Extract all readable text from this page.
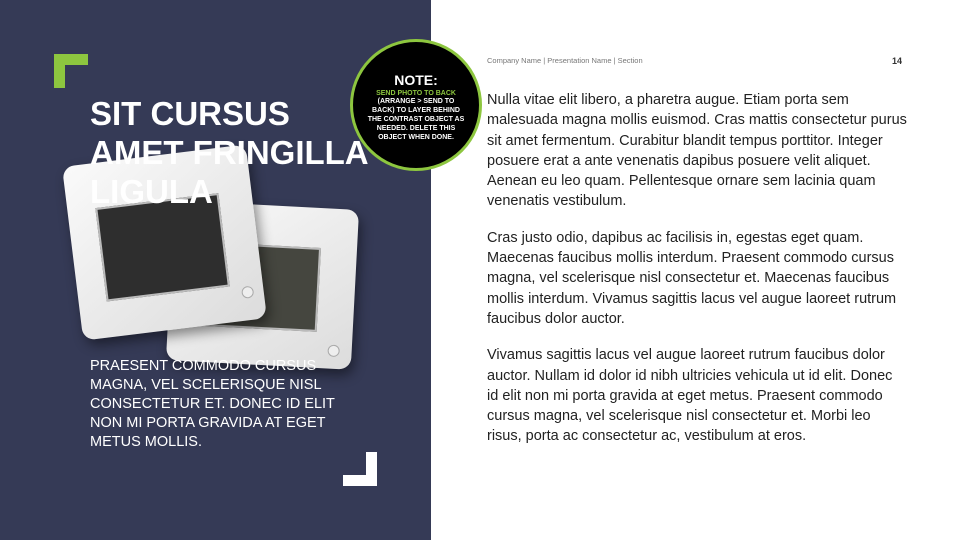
SIT CURSUS AMET FRINGILLA LIGULA
PRAESENT COMMODO CURSUS MAGNA, VEL SCELERISQUE NISL CONSECTETUR ET. DONEC ID ELIT NON MI PORTA GRAVIDA AT EGET METUS MOLLIS.
NOTE:
SEND PHOTO TO BACK
(ARRANGE > SEND TO BACK) TO LAYER BEHIND THE CONTRAST OBJECT AS NEEDED. DELETE THIS OBJECT WHEN DONE.
Company Name | Presentation Name | Section	14

Nulla vitae elit libero, a pharetra augue. Etiam porta sem malesuada magna mollis euismod. Cras mattis consectetur purus sit amet fermentum. Curabitur blandit tempus porttitor. Integer posuere erat a ante venenatis dapibus posuere velit aliquet. Aenean eu leo quam. Pellentesque ornare sem lacinia quam venenatis vestibulum.

Cras justo odio, dapibus ac facilisis in, egestas eget quam. Maecenas faucibus mollis interdum. Praesent commodo cursus magna, vel scelerisque nisl consectetur et. Maecenas faucibus mollis interdum. Vivamus sagittis lacus vel augue laoreet rutrum faucibus dolor auctor.

Vivamus sagittis lacus vel augue laoreet rutrum faucibus dolor auctor. Nullam id dolor id nibh ultricies vehicula ut id elit. Donec id elit non mi porta gravida at eget metus. Praesent commodo cursus magna, vel scelerisque nisl consectetur et. Morbi leo risus, porta ac consectetur ac, vestibulum at eros.
